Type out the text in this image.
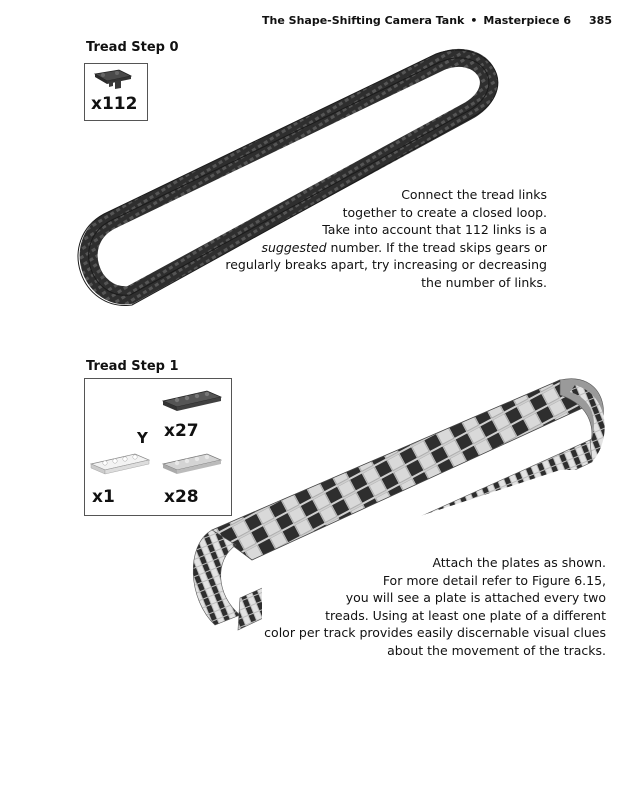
The Shape-Shifting Camera Tank • Masterpiece 6 385
Tread Step 0
x112
Connect the tread links
together to create a closed loop.
Take into account that 112 links is a
suggested number. If the tread skips gears or
regularly breaks apart, try increasing or decreasing
the number of links.
Tread Step 1
x27
Y
x1	x28
Attach the plates as shown.
For more detail refer to Figure 6.15,
you will see a plate is attached every two
treads. Using at least one plate of a different
color per track provides easily discernable visual clues
about the movement of the tracks.
